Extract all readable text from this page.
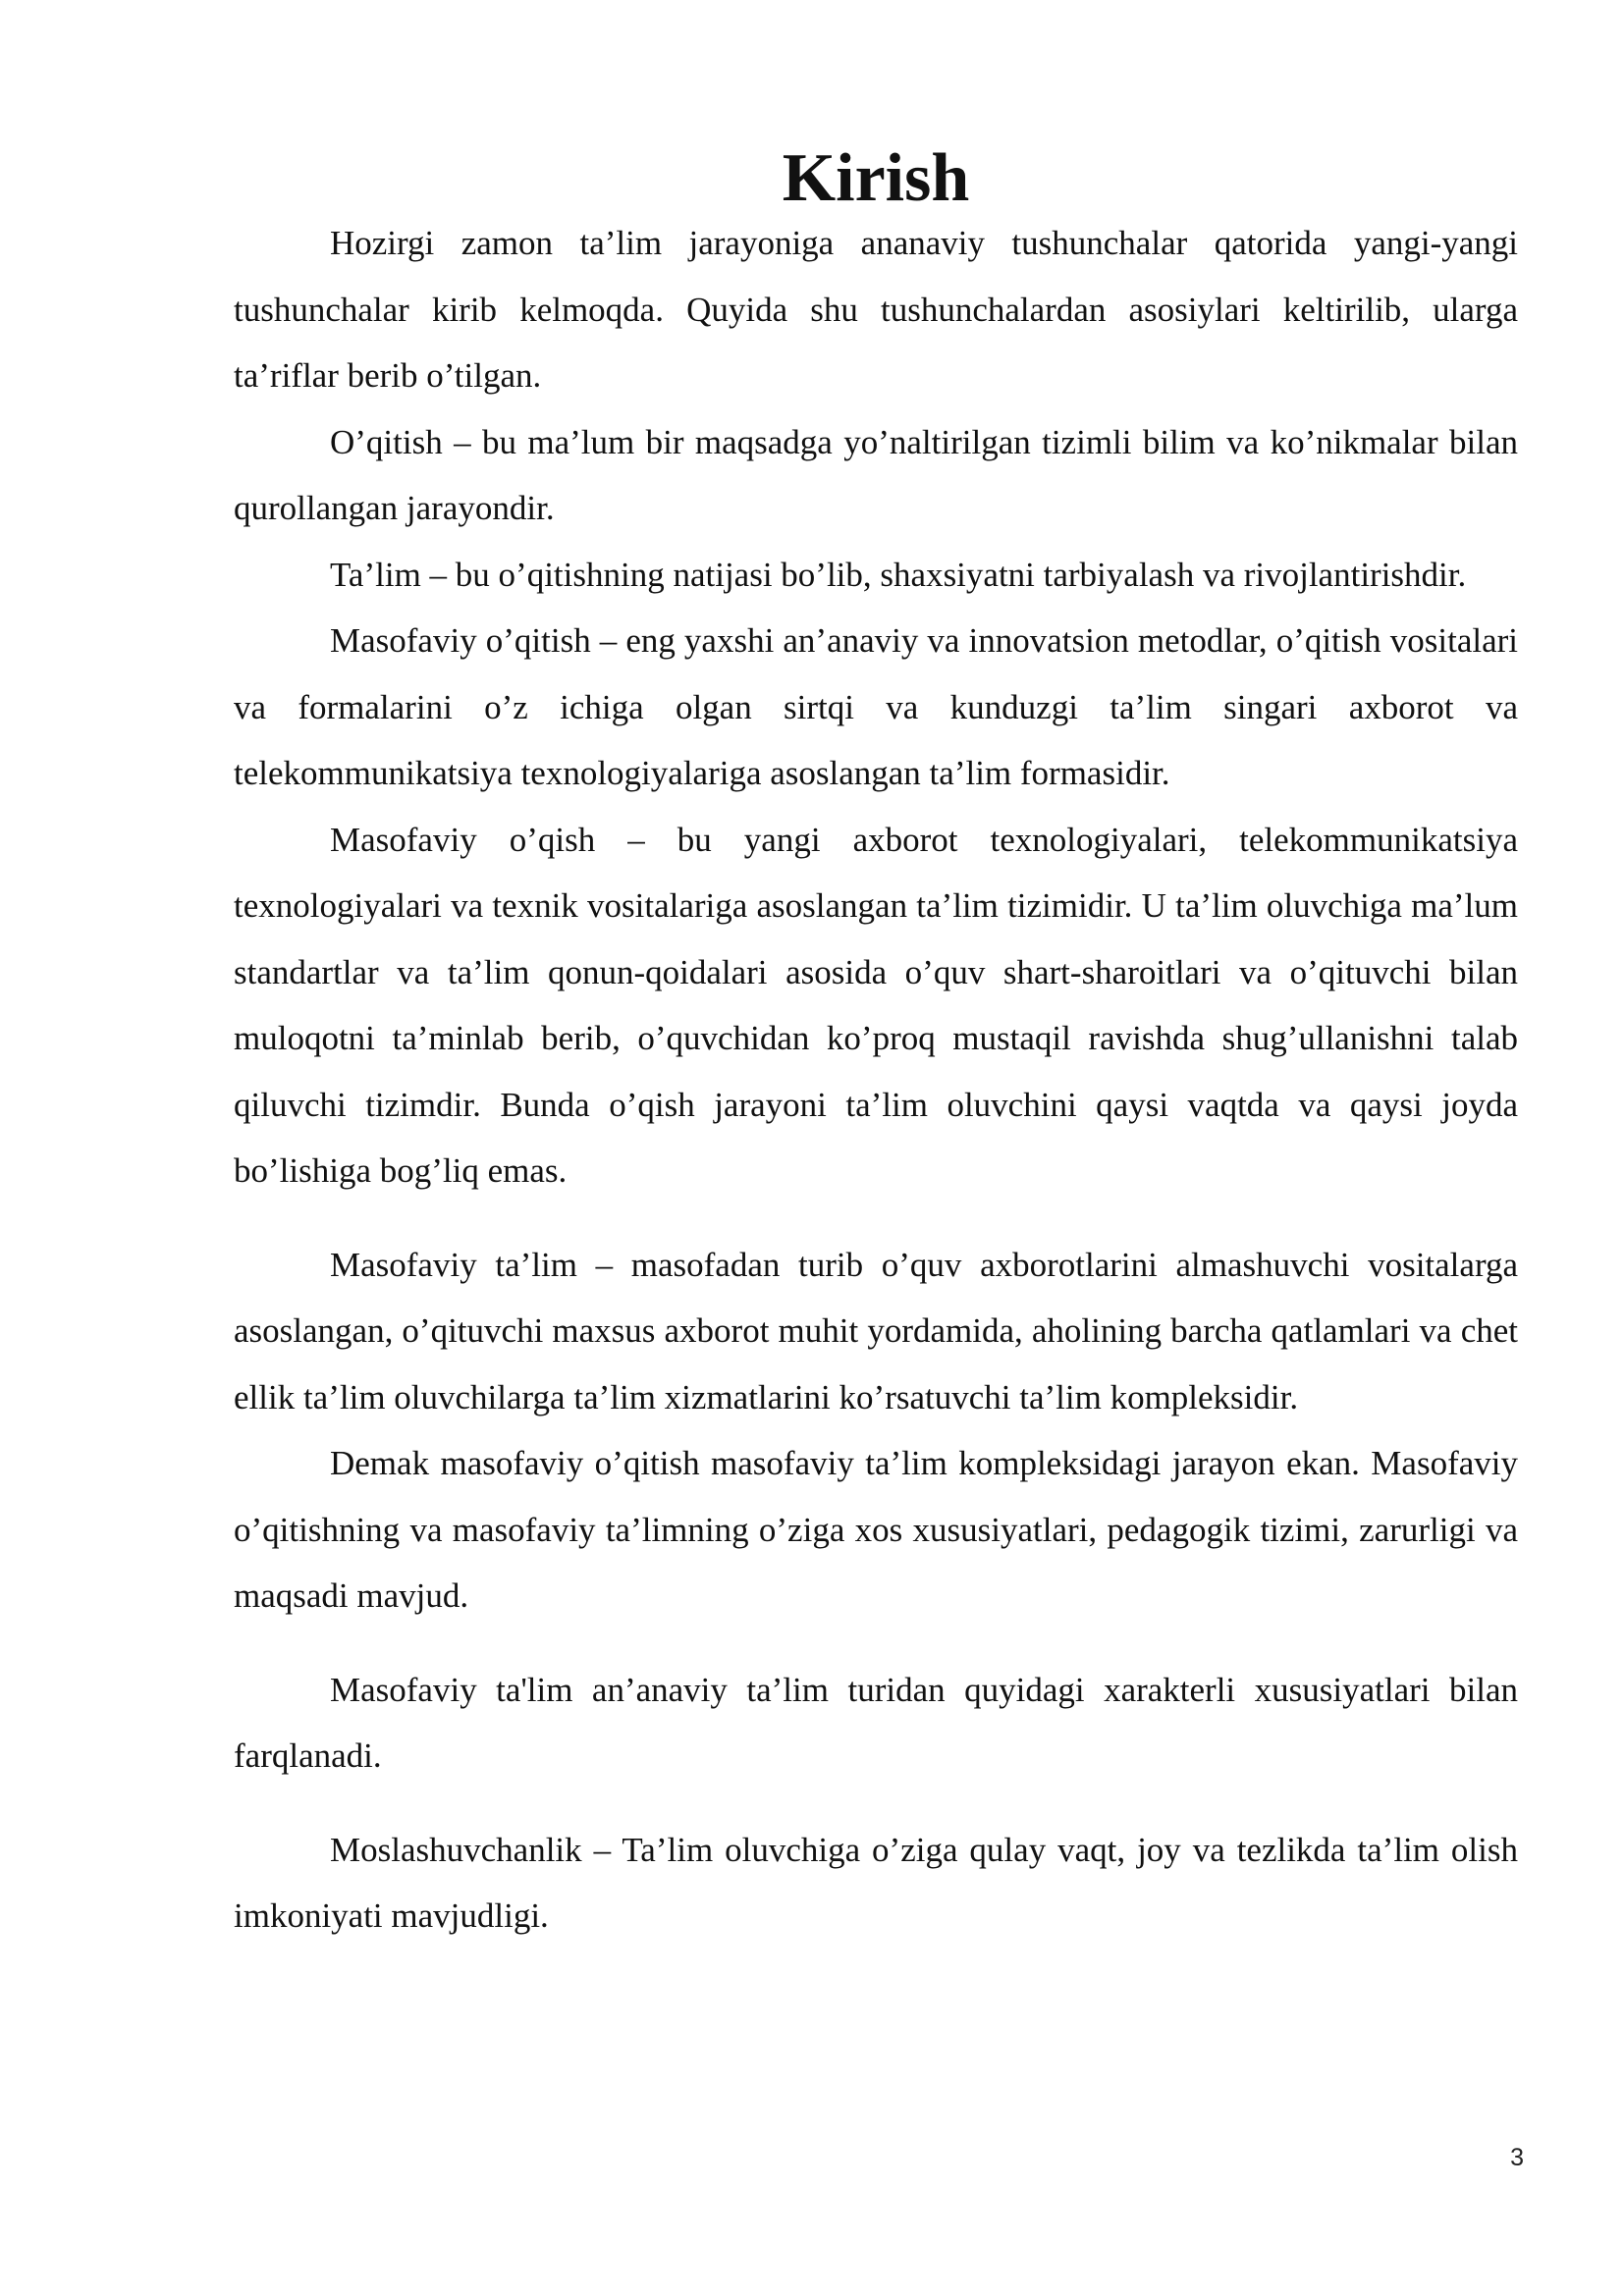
Kirish

Hozirgi zamon ta’lim jarayoniga ananaviy tushunchalar qatorida yangi-yangi tushunchalar kirib kelmoqda. Quyida shu tushunchalardan asosiylari keltirilib, ularga ta’riflar berib o’tilgan.

O’qitish – bu ma’lum bir maqsadga yo’naltirilgan tizimli bilim va ko’nikmalar bilan qurollangan jarayondir.

Ta’lim – bu o’qitishning natijasi bo’lib, shaxsiyatni tarbiyalash va rivojlantirishdir.

Masofaviy o’qitish – eng yaxshi an’anaviy va innovatsion metodlar, o’qitish vositalari va formalarini o’z ichiga olgan sirtqi va kunduzgi ta’lim singari axborot va telekommunikatsiya texnologiyalariga asoslangan ta’lim formasidir.

Masofaviy o’qish – bu yangi axborot texnologiyalari, telekommunikatsiya texnologiyalari va texnik vositalariga asoslangan ta’lim tizimidir. U ta’lim oluvchiga ma’lum standartlar va ta’lim qonun-qoidalari asosida o’quv shart-sharoitlari va o’qituvchi bilan muloqotni ta’minlab berib, o’quvchidan ko’proq mustaqil ravishda shug’ullanishni talab qiluvchi tizimdir. Bunda o’qish jarayoni ta’lim oluvchini qaysi vaqtda va qaysi joyda bo’lishiga bog’liq emas.

Masofaviy ta’lim – masofadan turib o’quv axborotlarini almashuvchi vositalarga asoslangan, o’qituvchi maxsus axborot muhit yordamida, aholining barcha qatlamlari va chet ellik ta’lim oluvchilarga ta’lim xizmatlarini ko’rsatuvchi ta’lim kompleksidir.

Demak masofaviy o’qitish masofaviy ta’lim kompleksidagi jarayon ekan. Masofaviy o’qitishning va masofaviy ta’limning o’ziga xos xususiyatlari, pedagogik tizimi, zarurligi va maqsadi mavjud.

Masofaviy ta'lim an’anaviy ta’lim turidan quyidagi xarakterli xususiyatlari bilan farqlanadi.

Moslashuvchanlik – Ta’lim oluvchiga o’ziga qulay vaqt, joy va tezlikda ta’lim olish imkoniyati mavjudligi.

3
